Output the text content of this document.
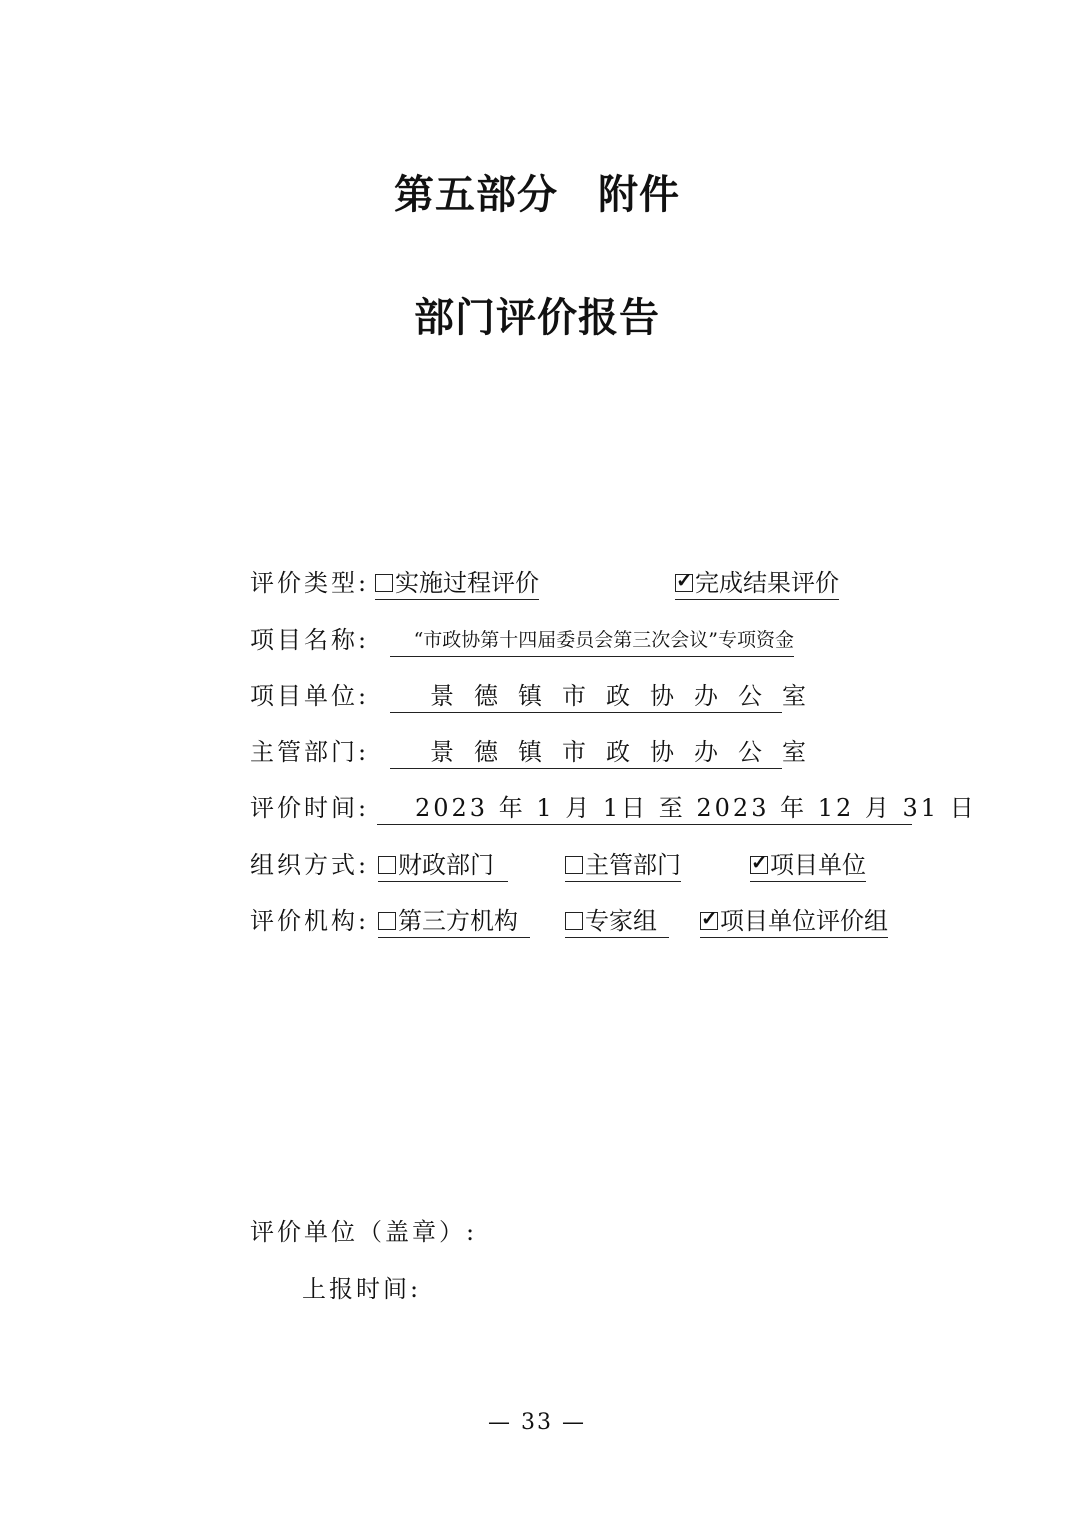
第五部分 附件
部门评价报告
评价类型:	实施过程评价	✓ 完成结果评价
项目名称:	“市政协第十四届委员会第三次会议”专项资金
项目单位:	景德镇市政协办公室
主管部门:	景德镇市政协办公室
评价时间:	2023 年 1 月 1日 至 2023 年 12 月 31 日
组织方式:	财政部门	主管部门	✓ 项目单位
评价机构:	第三方机构	专家组	✓ 项目单位评价组
评价单位（盖章）:
上报时间:
— 33 —
